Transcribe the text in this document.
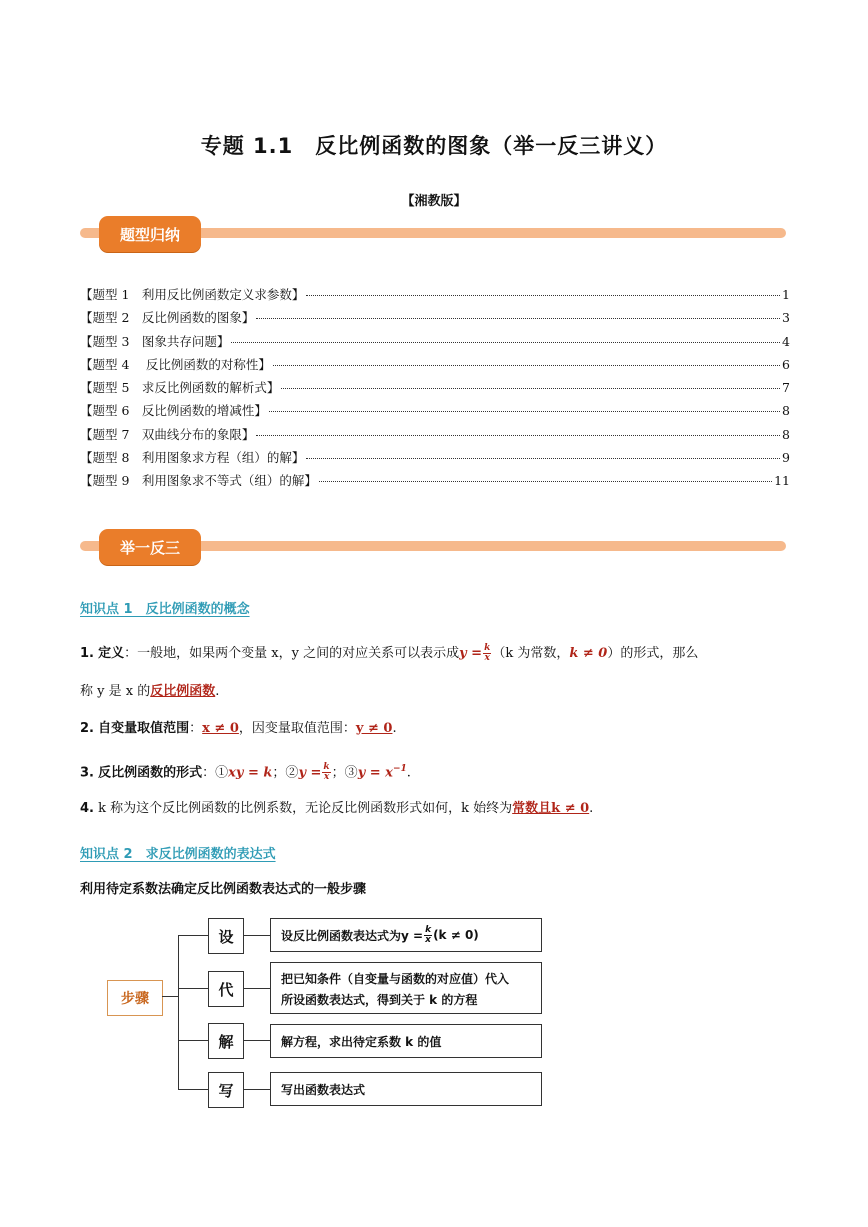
专题 1.1　反比例函数的图象（举一反三讲义）
【湘教版】
题型归纳
【题型 1　利用反比例函数定义求参数】	1
【题型 2　反比例函数的图象】	3
【题型 3　图象共存问题】	4
【题型 4　 反比例函数的对称性】	6
【题型 5　求反比例函数的解析式】	7
【题型 6　反比例函数的增减性】	8
【题型 7　双曲线分布的象限】	8
【题型 8　利用图象求方程（组）的解】	9
【题型 9　利用图象求不等式（组）的解】	11
举一反三
知识点 1　反比例函数的概念
1. 定义：一般地，如果两个变量 x，y 之间的对应关系可以表示成$y = \frac{k}{x} (k$ 为常数，k ≠ 0）的形式，那么
称 y 是 x 的反比例函数.
2. 自变量取值范围：x ≠ 0，因变量取值范围：y ≠ 0.
3. 反比例函数的形式：①xy = k；②y = $\frac{k}{x}$ ；③y = $x^{-1}$.
4. k 称为这个反比例函数的比例系数，无论反比例函数形式如何，k 始终为常数且k ≠ 0.
知识点 2　求反比例函数的表达式
利用待定系数法确定反比例函数表达式的一般步骤
步骤
设
代
解
写
设反比例函数表达式为$y = \frac{k}{x} (k \ne 0)$
把已知条件（自变量与函数的对应值）代入
所设函数表达式，得到关于 k 的方程
解方程，求出待定系数 k 的值
写出函数表达式
